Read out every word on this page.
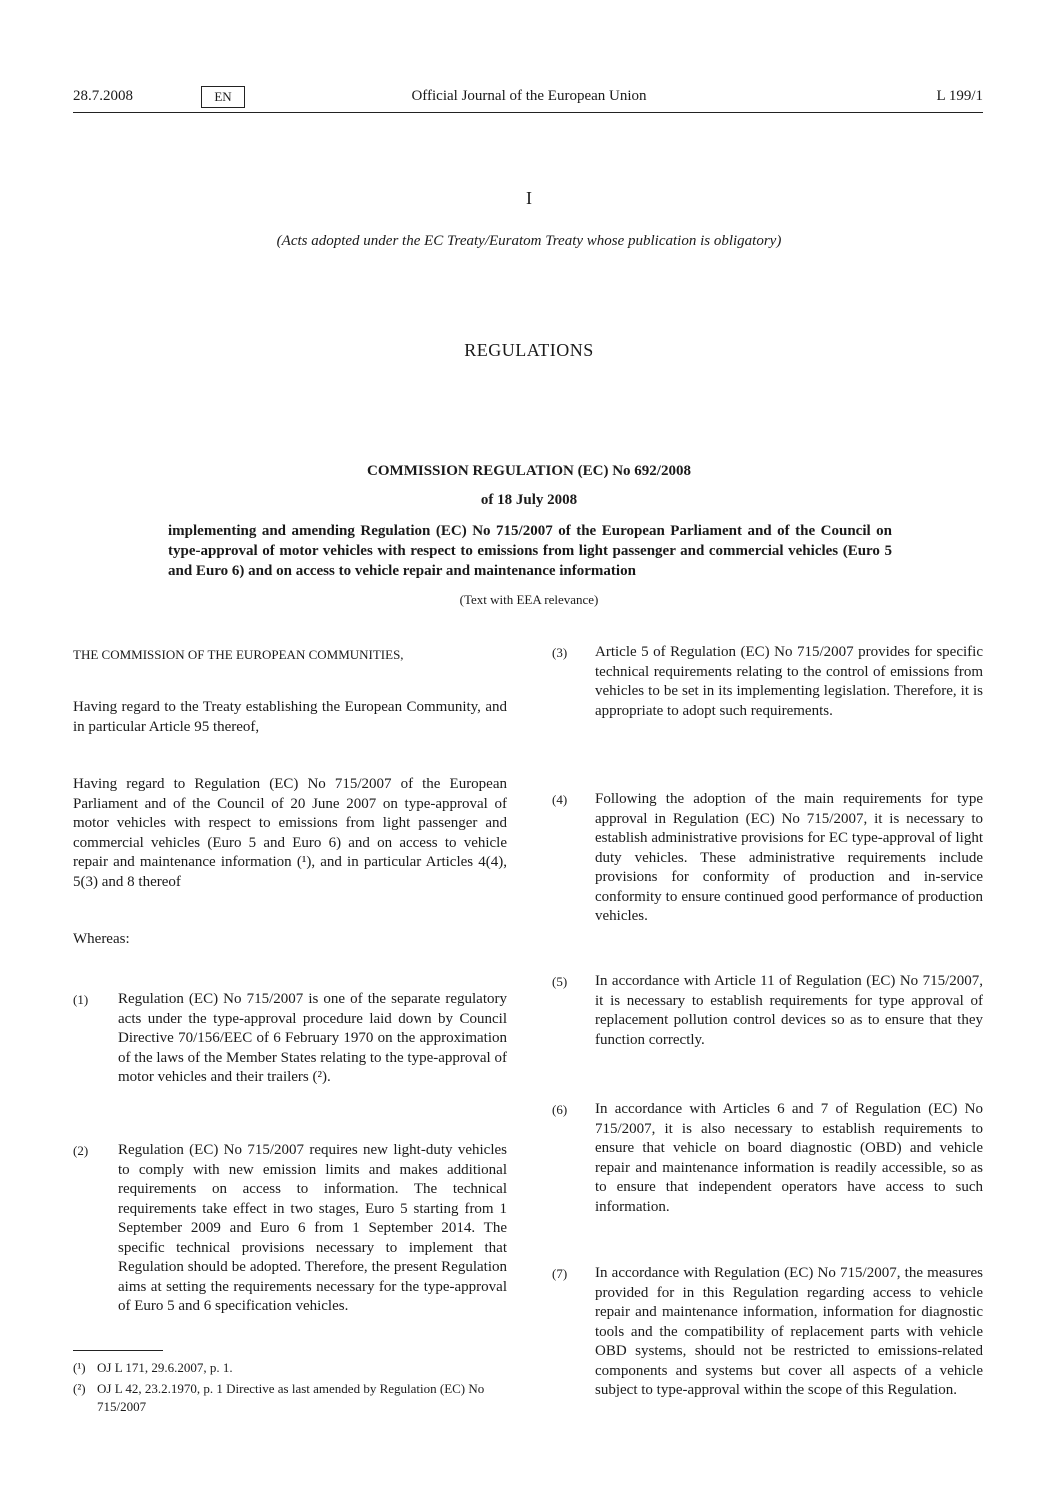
28.7.2008	EN	Official Journal of the European Union	L 199/1
I
(Acts adopted under the EC Treaty/Euratom Treaty whose publication is obligatory)
REGULATIONS
COMMISSION REGULATION (EC) No 692/2008
of 18 July 2008
implementing and amending Regulation (EC) No 715/2007 of the European Parliament and of the Council on type-approval of motor vehicles with respect to emissions from light passenger and commercial vehicles (Euro 5 and Euro 6) and on access to vehicle repair and maintenance information
(Text with EEA relevance)
THE COMMISSION OF THE EUROPEAN COMMUNITIES,
Having regard to the Treaty establishing the European Community, and in particular Article 95 thereof,
Having regard to Regulation (EC) No 715/2007 of the European Parliament and of the Council of 20 June 2007 on type-approval of motor vehicles with respect to emissions from light passenger and commercial vehicles (Euro 5 and Euro 6) and on access to vehicle repair and maintenance information (¹), and in particular Articles 4(4), 5(3) and 8 thereof
Whereas:
(1) Regulation (EC) No 715/2007 is one of the separate regulatory acts under the type-approval procedure laid down by Council Directive 70/156/EEC of 6 February 1970 on the approximation of the laws of the Member States relating to the type-approval of motor vehicles and their trailers (²).
(2) Regulation (EC) No 715/2007 requires new light-duty vehicles to comply with new emission limits and makes additional requirements on access to information. The technical requirements take effect in two stages, Euro 5 starting from 1 September 2009 and Euro 6 from 1 September 2014. The specific technical provisions necessary to implement that Regulation should be adopted. Therefore, the present Regulation aims at setting the requirements necessary for the type-approval of Euro 5 and 6 specification vehicles.
(3) Article 5 of Regulation (EC) No 715/2007 provides for specific technical requirements relating to the control of emissions from vehicles to be set in its implementing legislation. Therefore, it is appropriate to adopt such requirements.
(4) Following the adoption of the main requirements for type approval in Regulation (EC) No 715/2007, it is necessary to establish administrative provisions for EC type-approval of light duty vehicles. These administrative requirements include provisions for conformity of production and in-service conformity to ensure continued good performance of production vehicles.
(5) In accordance with Article 11 of Regulation (EC) No 715/2007, it is necessary to establish requirements for type approval of replacement pollution control devices so as to ensure that they function correctly.
(6) In accordance with Articles 6 and 7 of Regulation (EC) No 715/2007, it is also necessary to establish requirements to ensure that vehicle on board diagnostic (OBD) and vehicle repair and maintenance information is readily accessible, so as to ensure that independent operators have access to such information.
(7) In accordance with Regulation (EC) No 715/2007, the measures provided for in this Regulation regarding access to vehicle repair and maintenance information, information for diagnostic tools and the compatibility of replacement parts with vehicle OBD systems, should not be restricted to emissions-related components and systems but cover all aspects of a vehicle subject to type-approval within the scope of this Regulation.
(¹) OJ L 171, 29.6.2007, p. 1.
(²) OJ L 42, 23.2.1970, p. 1 Directive as last amended by Regulation (EC) No 715/2007
